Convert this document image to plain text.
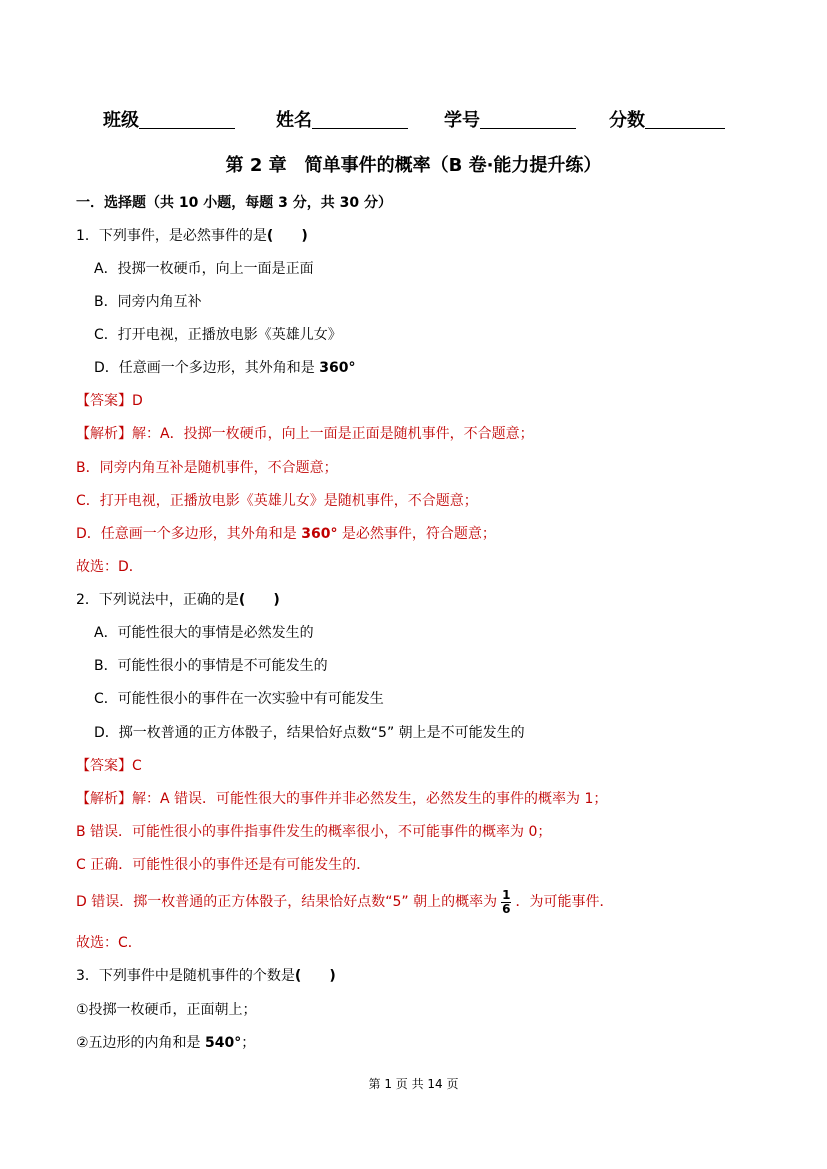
班级	姓名	学号	分数
第 2 章　简单事件的概率（B 卷·能力提升练）
一．选择题（共 10 小题，每题 3 分，共 30 分）
1．下列事件，是必然事件的是(　　)
A．投掷一枚硬币，向上一面是正面
B．同旁内角互补
C．打开电视，正播放电影《英雄儿女》
D．任意画一个多边形，其外角和是 360°
【答案】D
【解析】解：A．投掷一枚硬币，向上一面是正面是随机事件，不合题意；
B．同旁内角互补是随机事件，不合题意；
C．打开电视，正播放电影《英雄儿女》是随机事件，不合题意；
D．任意画一个多边形，其外角和是 360° 是必然事件，符合题意；
故选：D．
2．下列说法中，正确的是(　　)
A．可能性很大的事情是必然发生的
B．可能性很小的事情是不可能发生的
C．可能性很小的事件在一次实验中有可能发生
D．掷一枚普通的正方体骰子，结果恰好点数“5” 朝上是不可能发生的
【答案】C
【解析】解：A 错误．可能性很大的事件并非必然发生，必然发生的事件的概率为 1；
B 错误．可能性很小的事件指事件发生的概率很小，不可能事件的概率为 0；
C 正确．可能性很小的事件还是有可能发生的．
D 错误．掷一枚普通的正方体骰子，结果恰好点数“5” 朝上的概率为 $\frac{1}{6}$ ．为可能事件．
故选：C．
3．下列事件中是随机事件的个数是(　　)
①投掷一枚硬币，正面朝上；
②五边形的内角和是 540°；
第 1 页 共 14 页
